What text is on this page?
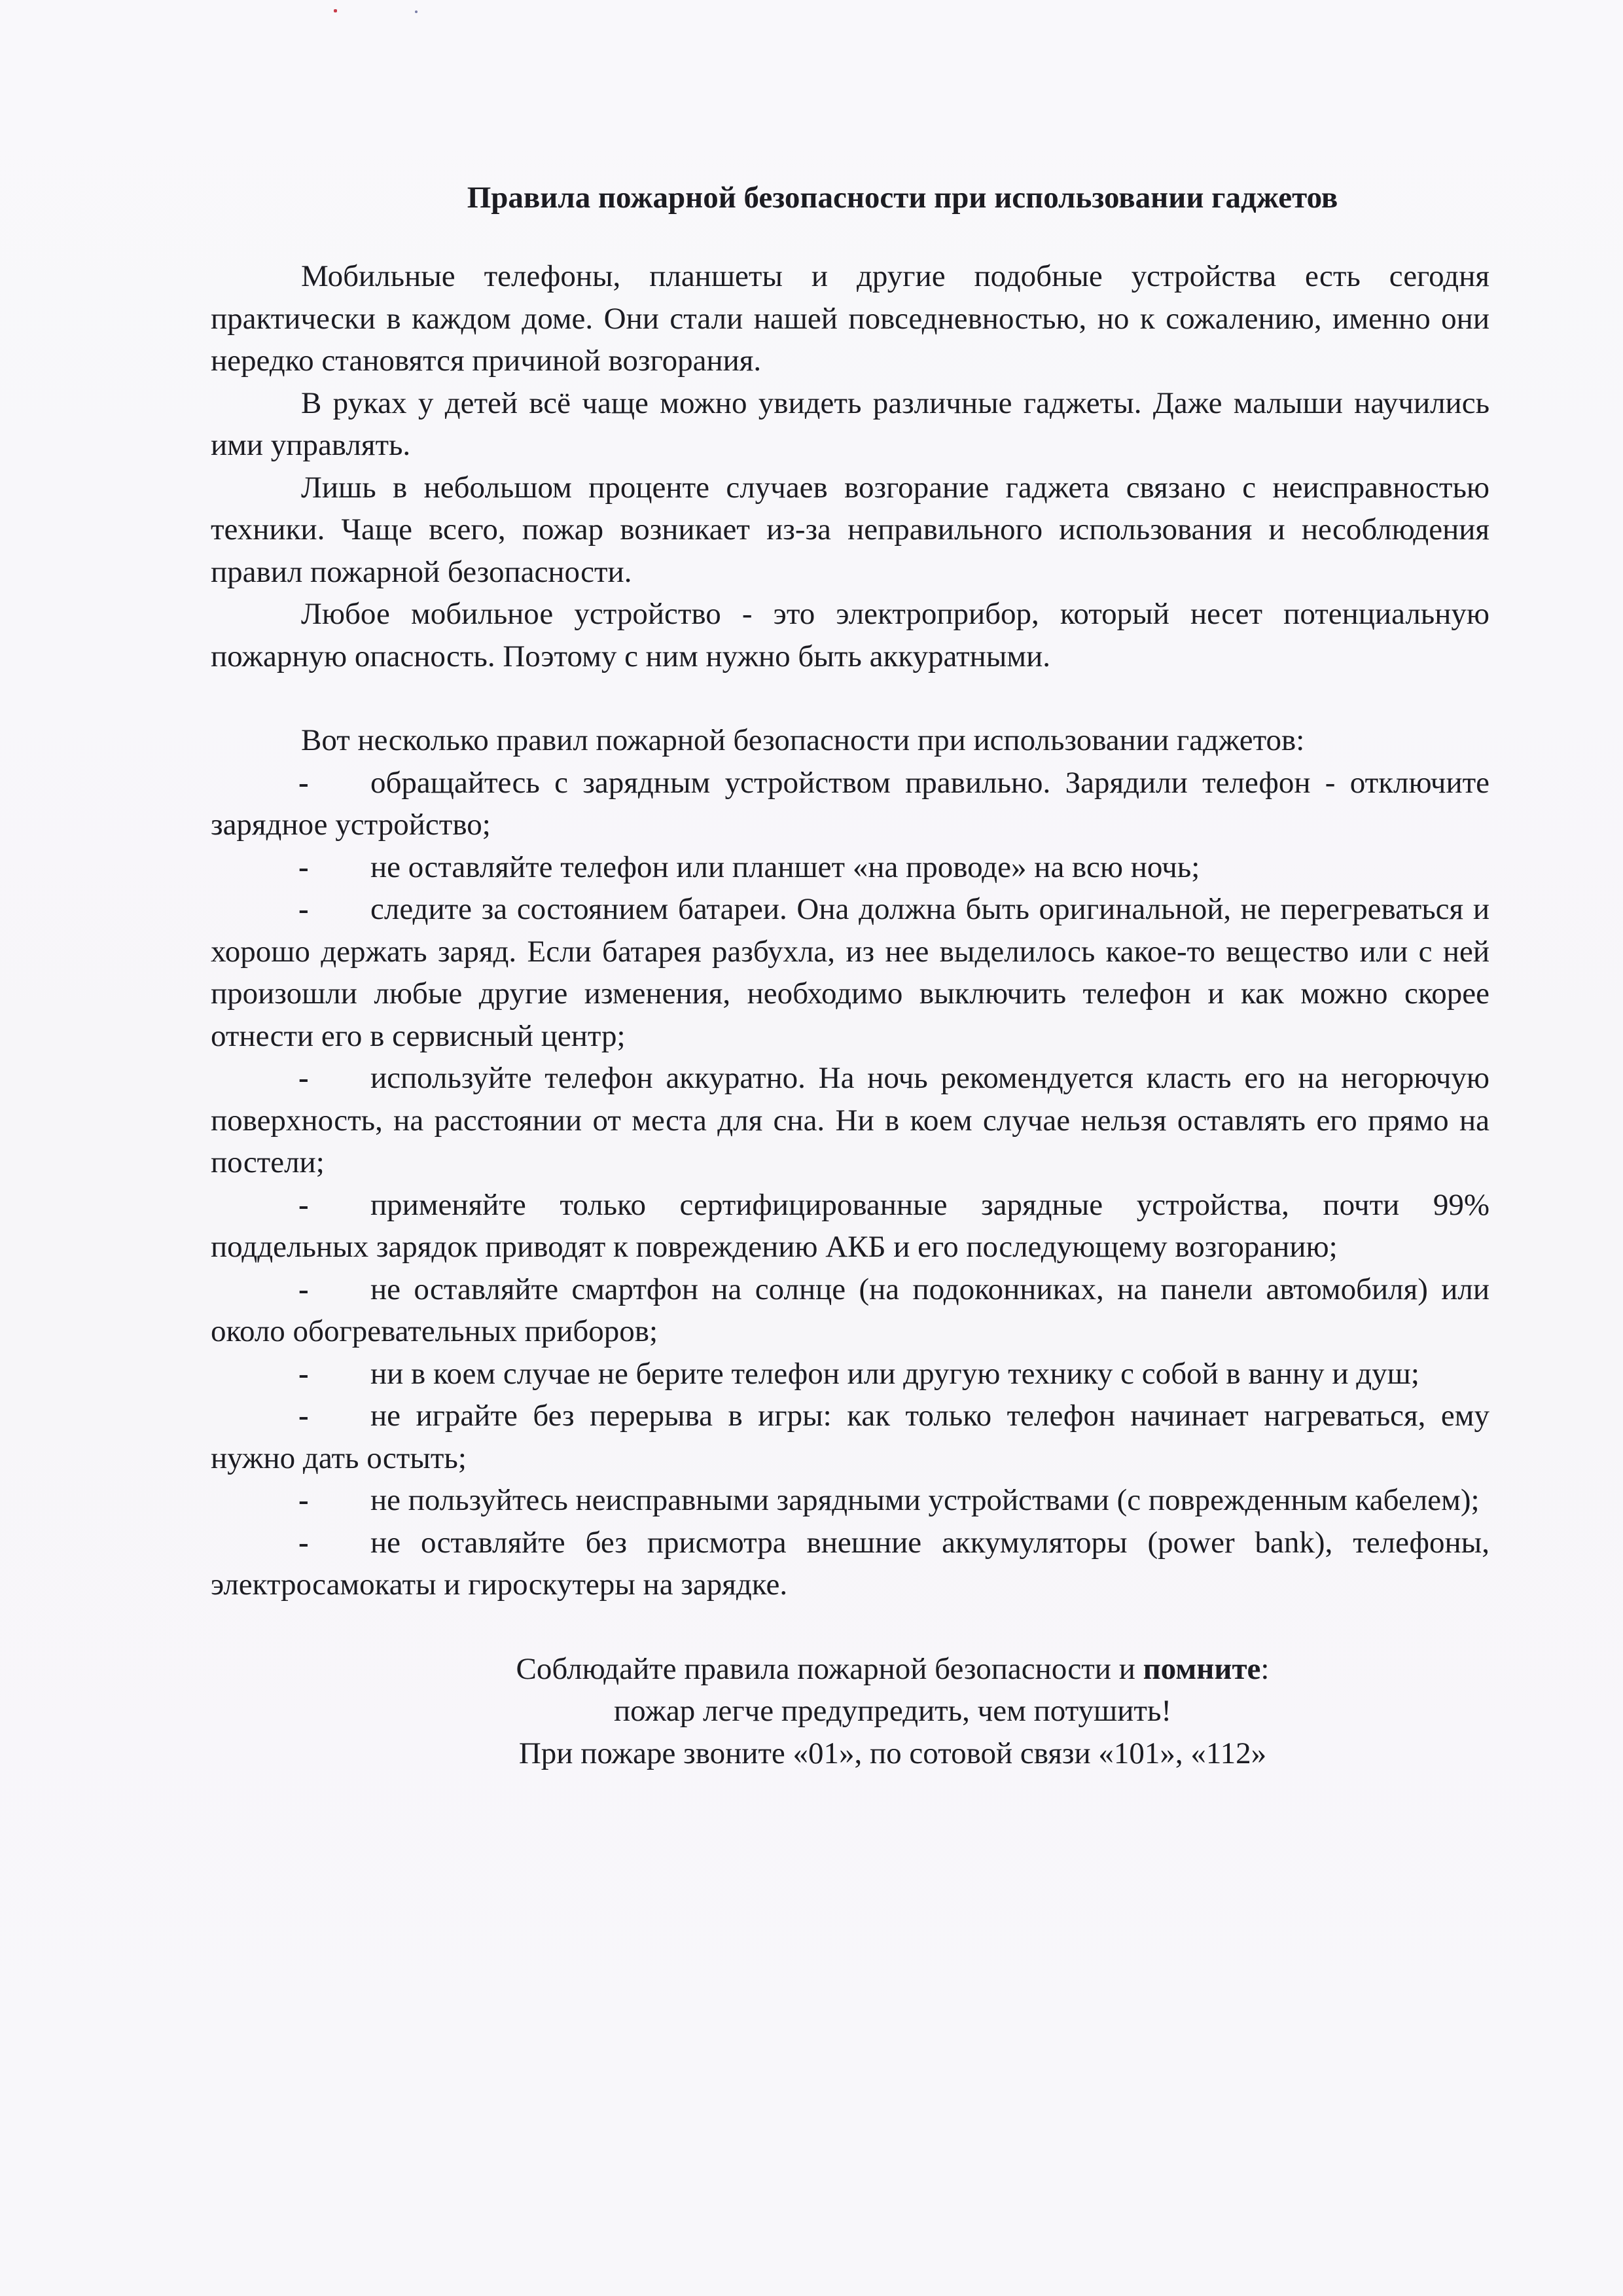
Правила пожарной безопасности при использовании гаджетов

Мобильные телефоны, планшеты и другие подобные устройства есть сегодня практически в каждом доме. Они стали нашей повседневностью, но к сожалению, именно они нередко становятся причиной возгорания.

В руках у детей всё чаще можно увидеть различные гаджеты. Даже малыши научились ими управлять.

Лишь в небольшом проценте случаев возгорание гаджета связано с неисправностью техники. Чаще всего, пожар возникает из-за неправильного использования и несоблюдения правил пожарной безопасности.

Любое мобильное устройство - это электроприбор, который несет потенциальную пожарную опасность. Поэтому с ним нужно быть аккуратными.

Вот несколько правил пожарной безопасности при использовании гаджетов:

- обращайтесь с зарядным устройством правильно. Зарядили телефон - отключите зарядное устройство;

- не оставляйте телефон или планшет «на проводе» на всю ночь;

- следите за состоянием батареи. Она должна быть оригинальной, не перегреваться и хорошо держать заряд. Если батарея разбухла, из нее выделилось какое-то вещество или с ней произошли любые другие изменения, необходимо выключить телефон и как можно скорее отнести его в сервисный центр;

- используйте телефон аккуратно. На ночь рекомендуется класть его на негорючую поверхность, на расстоянии от места для сна. Ни в коем случае нельзя оставлять его прямо на постели;

- применяйте только сертифицированные зарядные устройства, почти 99% поддельных зарядок приводят к повреждению АКБ и его последующему возгоранию;

- не оставляйте смартфон на солнце (на подоконниках, на панели автомобиля) или около обогревательных приборов;

- ни в коем случае не берите телефон или другую технику с собой в ванну и душ;

- не играйте без перерыва в игры: как только телефон начинает нагреваться, ему нужно дать остыть;

- не пользуйтесь неисправными зарядными устройствами (с поврежденным кабелем);

- не оставляйте без присмотра внешние аккумуляторы (power bank), телефоны, электросамокаты и гироскутеры на зарядке.

Соблюдайте правила пожарной безопасности и помните:
пожар легче предупредить, чем потушить!
При пожаре звоните «01», по сотовой связи «101», «112»
